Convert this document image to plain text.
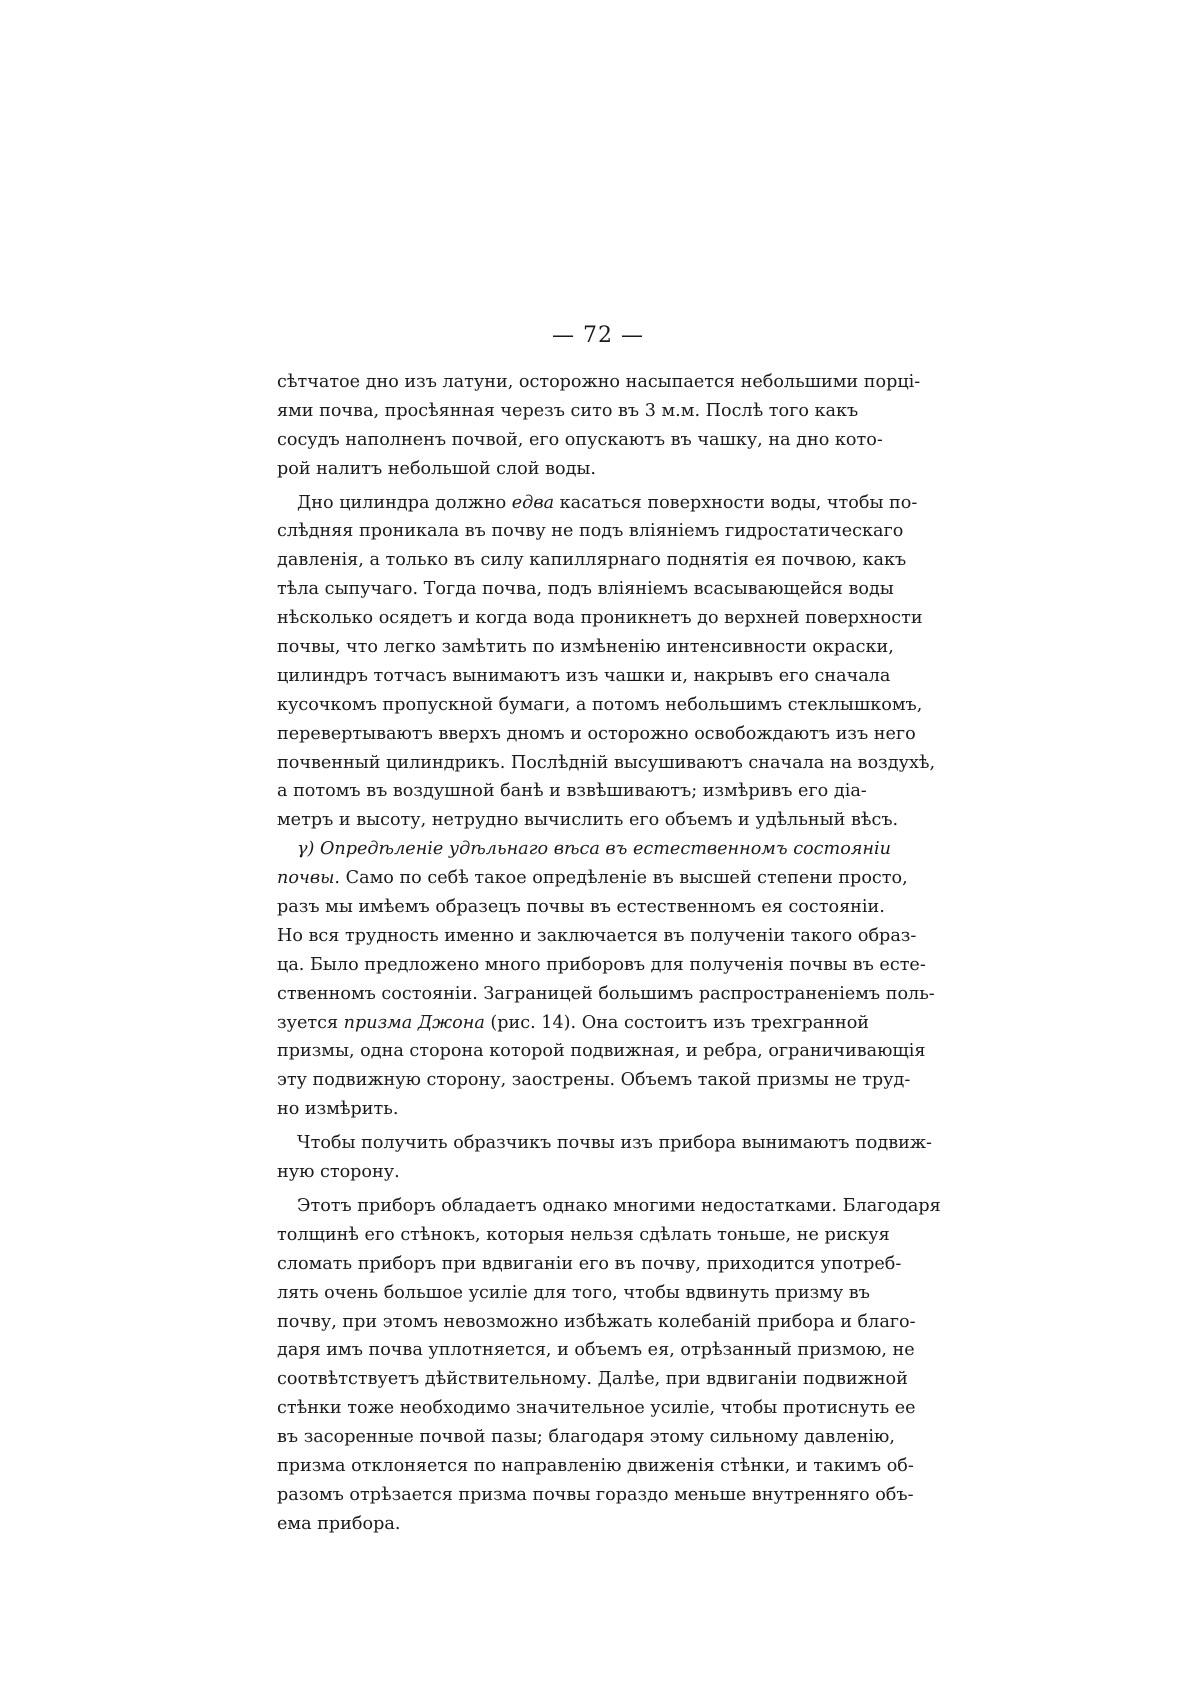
— 72 —
сѣтчатое дно изъ латуни, осторожно насыпается небольшими порці-
ями почва, просѣянная черезъ сито въ 3 м.м. Послѣ того какъ
сосудъ наполненъ почвой, его опускаютъ въ чашку, на дно кото-
рой налитъ небольшой слой воды.
Дно цилиндра должно едва касаться поверхности воды, чтобы по-
слѣдняя проникала въ почву не подъ вліяніемъ гидростатическаго
давленія, а только въ силу капиллярнаго поднятія ея почвою, какъ
тѣла сыпучаго. Тогда почва, подъ вліяніемъ всасывающейся воды
нѣсколько осядетъ и когда вода проникнетъ до верхней поверхности
почвы, что легко замѣтить по измѣненію интенсивности окраски,
цилиндръ тотчасъ вынимаютъ изъ чашки и, накрывъ его сначала
кусочкомъ пропускной бумаги, а потомъ небольшимъ стеклышкомъ,
перевертываютъ вверхъ дномъ и осторожно освобождаютъ изъ него
почвенный цилиндрикъ. Послѣдній высушиваютъ сначала на воздухѣ,
а потомъ въ воздушной банѣ и взвѣшиваютъ; измѣривъ его діа-
метръ и высоту, нетрудно вычислить его объемъ и удѣльный вѣсъ.
γ) Опредѣленіе удѣльнаго вѣса въ естественномъ состояніи
почвы. Само по себѣ такое опредѣленіе въ высшей степени просто,
разъ мы имѣемъ образецъ почвы въ естественномъ ея состояніи.
Но вся трудность именно и заключается въ полученіи такого образ-
ца. Было предложено много приборовъ для полученія почвы въ есте-
ственномъ состояніи. Заграницей большимъ распространеніемъ поль-
зуется призма Джона (рис. 14). Она состоитъ изъ трехгранной
призмы, одна сторона которой подвижная, и ребра, ограничивающія
эту подвижную сторону, заострены. Объемъ такой призмы не труд-
но измѣрить.
Чтобы получить образчикъ почвы изъ прибора вынимаютъ подвиж-
ную сторону.
Этотъ приборъ обладаетъ однако многими недостатками. Благодаря
толщинѣ его стѣнокъ, которыя нельзя сдѣлать тоньше, не рискуя
сломать приборъ при вдвиганіи его въ почву, приходится употреб-
лять очень большое усиліе для того, чтобы вдвинуть призму въ
почву, при этомъ невозможно избѣжать колебаній прибора и благо-
даря имъ почва уплотняется, и объемъ ея, отрѣзанный призмою, не
соотвѣтствуетъ дѣйствительному. Далѣе, при вдвиганіи подвижной
стѣнки тоже необходимо значительное усиліе, чтобы протиснуть ее
въ засоренные почвой пазы; благодаря этому сильному давленію,
призма отклоняется по направленію движенія стѣнки, и такимъ об-
разомъ отрѣзается призма почвы гораздо меньше внутренняго объ-
ема прибора.
